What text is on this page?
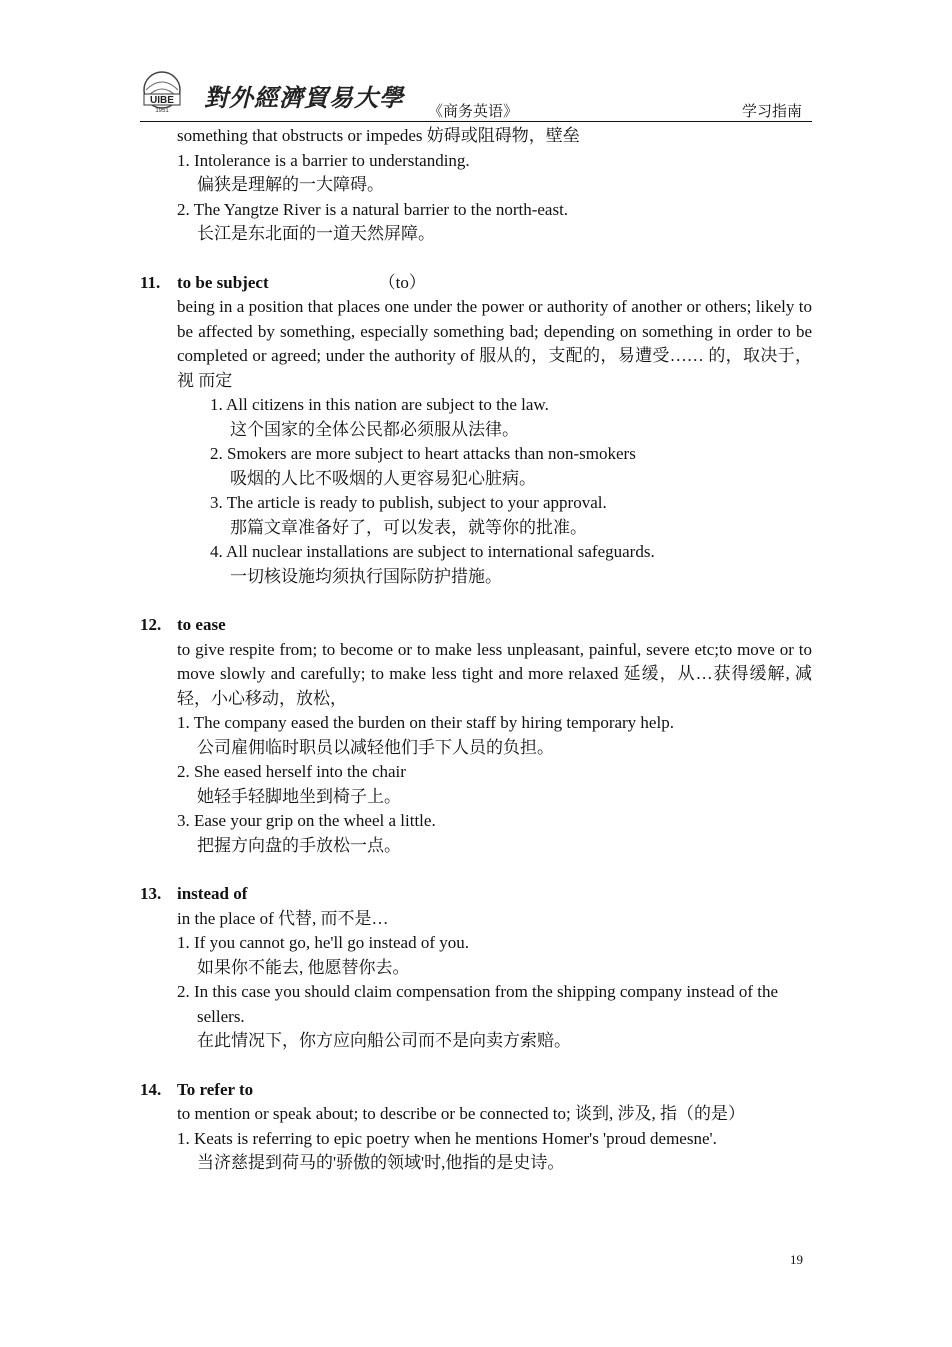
UIBE
1951 對外經濟貿易大學 《商务英语》	学习指南
something that obstructs or impedes 妨碍或阻碍物，壁垒
1. Intolerance is a barrier to understanding.
偏狭是理解的一大障碍。
2. The Yangtze River is a natural barrier to the north-east.
长江是东北面的一道天然屏障。
11. to be subject	（to）
being in a position that places one under the power or authority of another or others; likely to be affected by something, especially something bad; depending on something in order to be completed or agreed; under the authority of 服从的，支配的，易遭受…… 的，取决于，视 而定
1. All citizens in this nation are subject to the law.
这个国家的全体公民都必须服从法律。
2. Smokers are more subject to heart attacks than non-smokers
吸烟的人比不吸烟的人更容易犯心脏病。
3. The article is ready to publish, subject to your approval.
那篇文章准备好了，可以发表，就等你的批准。
4. All nuclear installations are subject to international safeguards.
一切核设施均须执行国际防护措施。
12. to ease
to give respite from; to become or to make less unpleasant, painful, severe etc;to move or to move slowly and carefully; to make less tight and more relaxed 延缓，从…获得缓解, 减轻，小心移动，放松，
1. The company eased the burden on their staff by hiring temporary help.
公司雇佣临时职员以减轻他们手下人员的负担。
2. She eased herself into the chair
她轻手轻脚地坐到椅子上。
3. Ease your grip on the wheel a little.
把握方向盘的手放松一点。
13. instead of
in the place of 代替, 而不是…
1. If you cannot go, he'll go instead of you.
如果你不能去, 他愿替你去。
2. In this case you should claim compensation from the shipping company instead of the sellers.
在此情况下，你方应向船公司而不是向卖方索赔。
14. To refer to
to mention or speak about; to describe or be connected to; 谈到, 涉及, 指（的是）
1. Keats is referring to epic poetry when he mentions Homer's 'proud demesne'.
当济慈提到荷马的'骄傲的领域'时,他指的是史诗。
19
